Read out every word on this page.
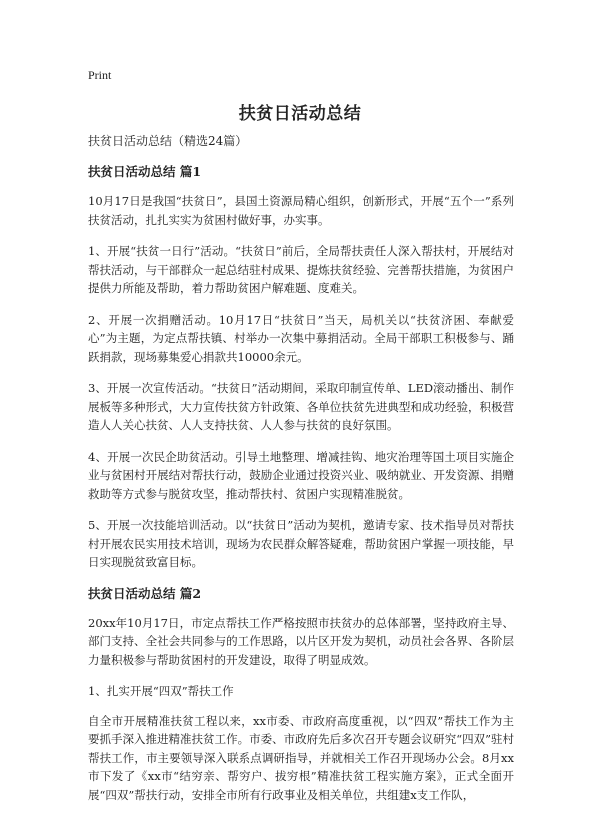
Print
扶贫日活动总结

扶贫日活动总结（精选24篇）

扶贫日活动总结 篇1

10月17日是我国“扶贫日”，县国土资源局精心组织，创新形式，开展“五个一”系列扶贫活动，扎扎实实为贫困村做好事，办实事。

1、开展“扶贫一日行”活动。“扶贫日”前后，全局帮扶责任人深入帮扶村，开展结对帮扶活动，与干部群众一起总结驻村成果、提炼扶贫经验、完善帮扶措施，为贫困户提供力所能及帮助，着力帮助贫困户解难题、度难关。

2、开展一次捐赠活动。10月17日“扶贫日”当天，局机关以“扶贫济困、奉献爱心”为主题，为定点帮扶镇、村举办一次集中募捐活动。全局干部职工积极参与、踊跃捐款，现场募集爱心捐款共10000余元。

3、开展一次宣传活动。“扶贫日”活动期间，采取印制宣传单、LED滚动播出、制作展板等多种形式，大力宣传扶贫方针政策、各单位扶贫先进典型和成功经验，积极营造人人关心扶贫、人人支持扶贫、人人参与扶贫的良好氛围。

4、开展一次民企助贫活动。引导土地整理、增减挂钩、地灾治理等国土项目实施企业与贫困村开展结对帮扶行动，鼓励企业通过投资兴业、吸纳就业、开发资源、捐赠救助等方式参与脱贫攻坚，推动帮扶村、贫困户实现精准脱贫。

5、开展一次技能培训活动。以“扶贫日”活动为契机，邀请专家、技术指导员对帮扶村开展农民实用技术培训，现场为农民群众解答疑难，帮助贫困户掌握一项技能，早日实现脱贫致富目标。

扶贫日活动总结 篇2

20xx年10月17日，市定点帮扶工作严格按照市扶贫办的总体部署，坚持政府主导、部门支持、全社会共同参与的工作思路，以片区开发为契机，动员社会各界、各阶层力量积极参与帮助贫困村的开发建设，取得了明显成效。

1、扎实开展“四双”帮扶工作

自全市开展精准扶贫工程以来，xx市委、市政府高度重视，以“四双”帮扶工作为主要抓手深入推进精准扶贫工作。市委、市政府先后多次召开专题会议研究“四双”驻村帮扶工作，市主要领导深入联系点调研指导，并就相关工作召开现场办公会。8月xx市下发了《xx市“结穷亲、帮穷户、拔穷根”精准扶贫工程实施方案》，正式全面开展“四双”帮扶行动，安排全市所有行政事业及相关单位，共组建x支工作队，
